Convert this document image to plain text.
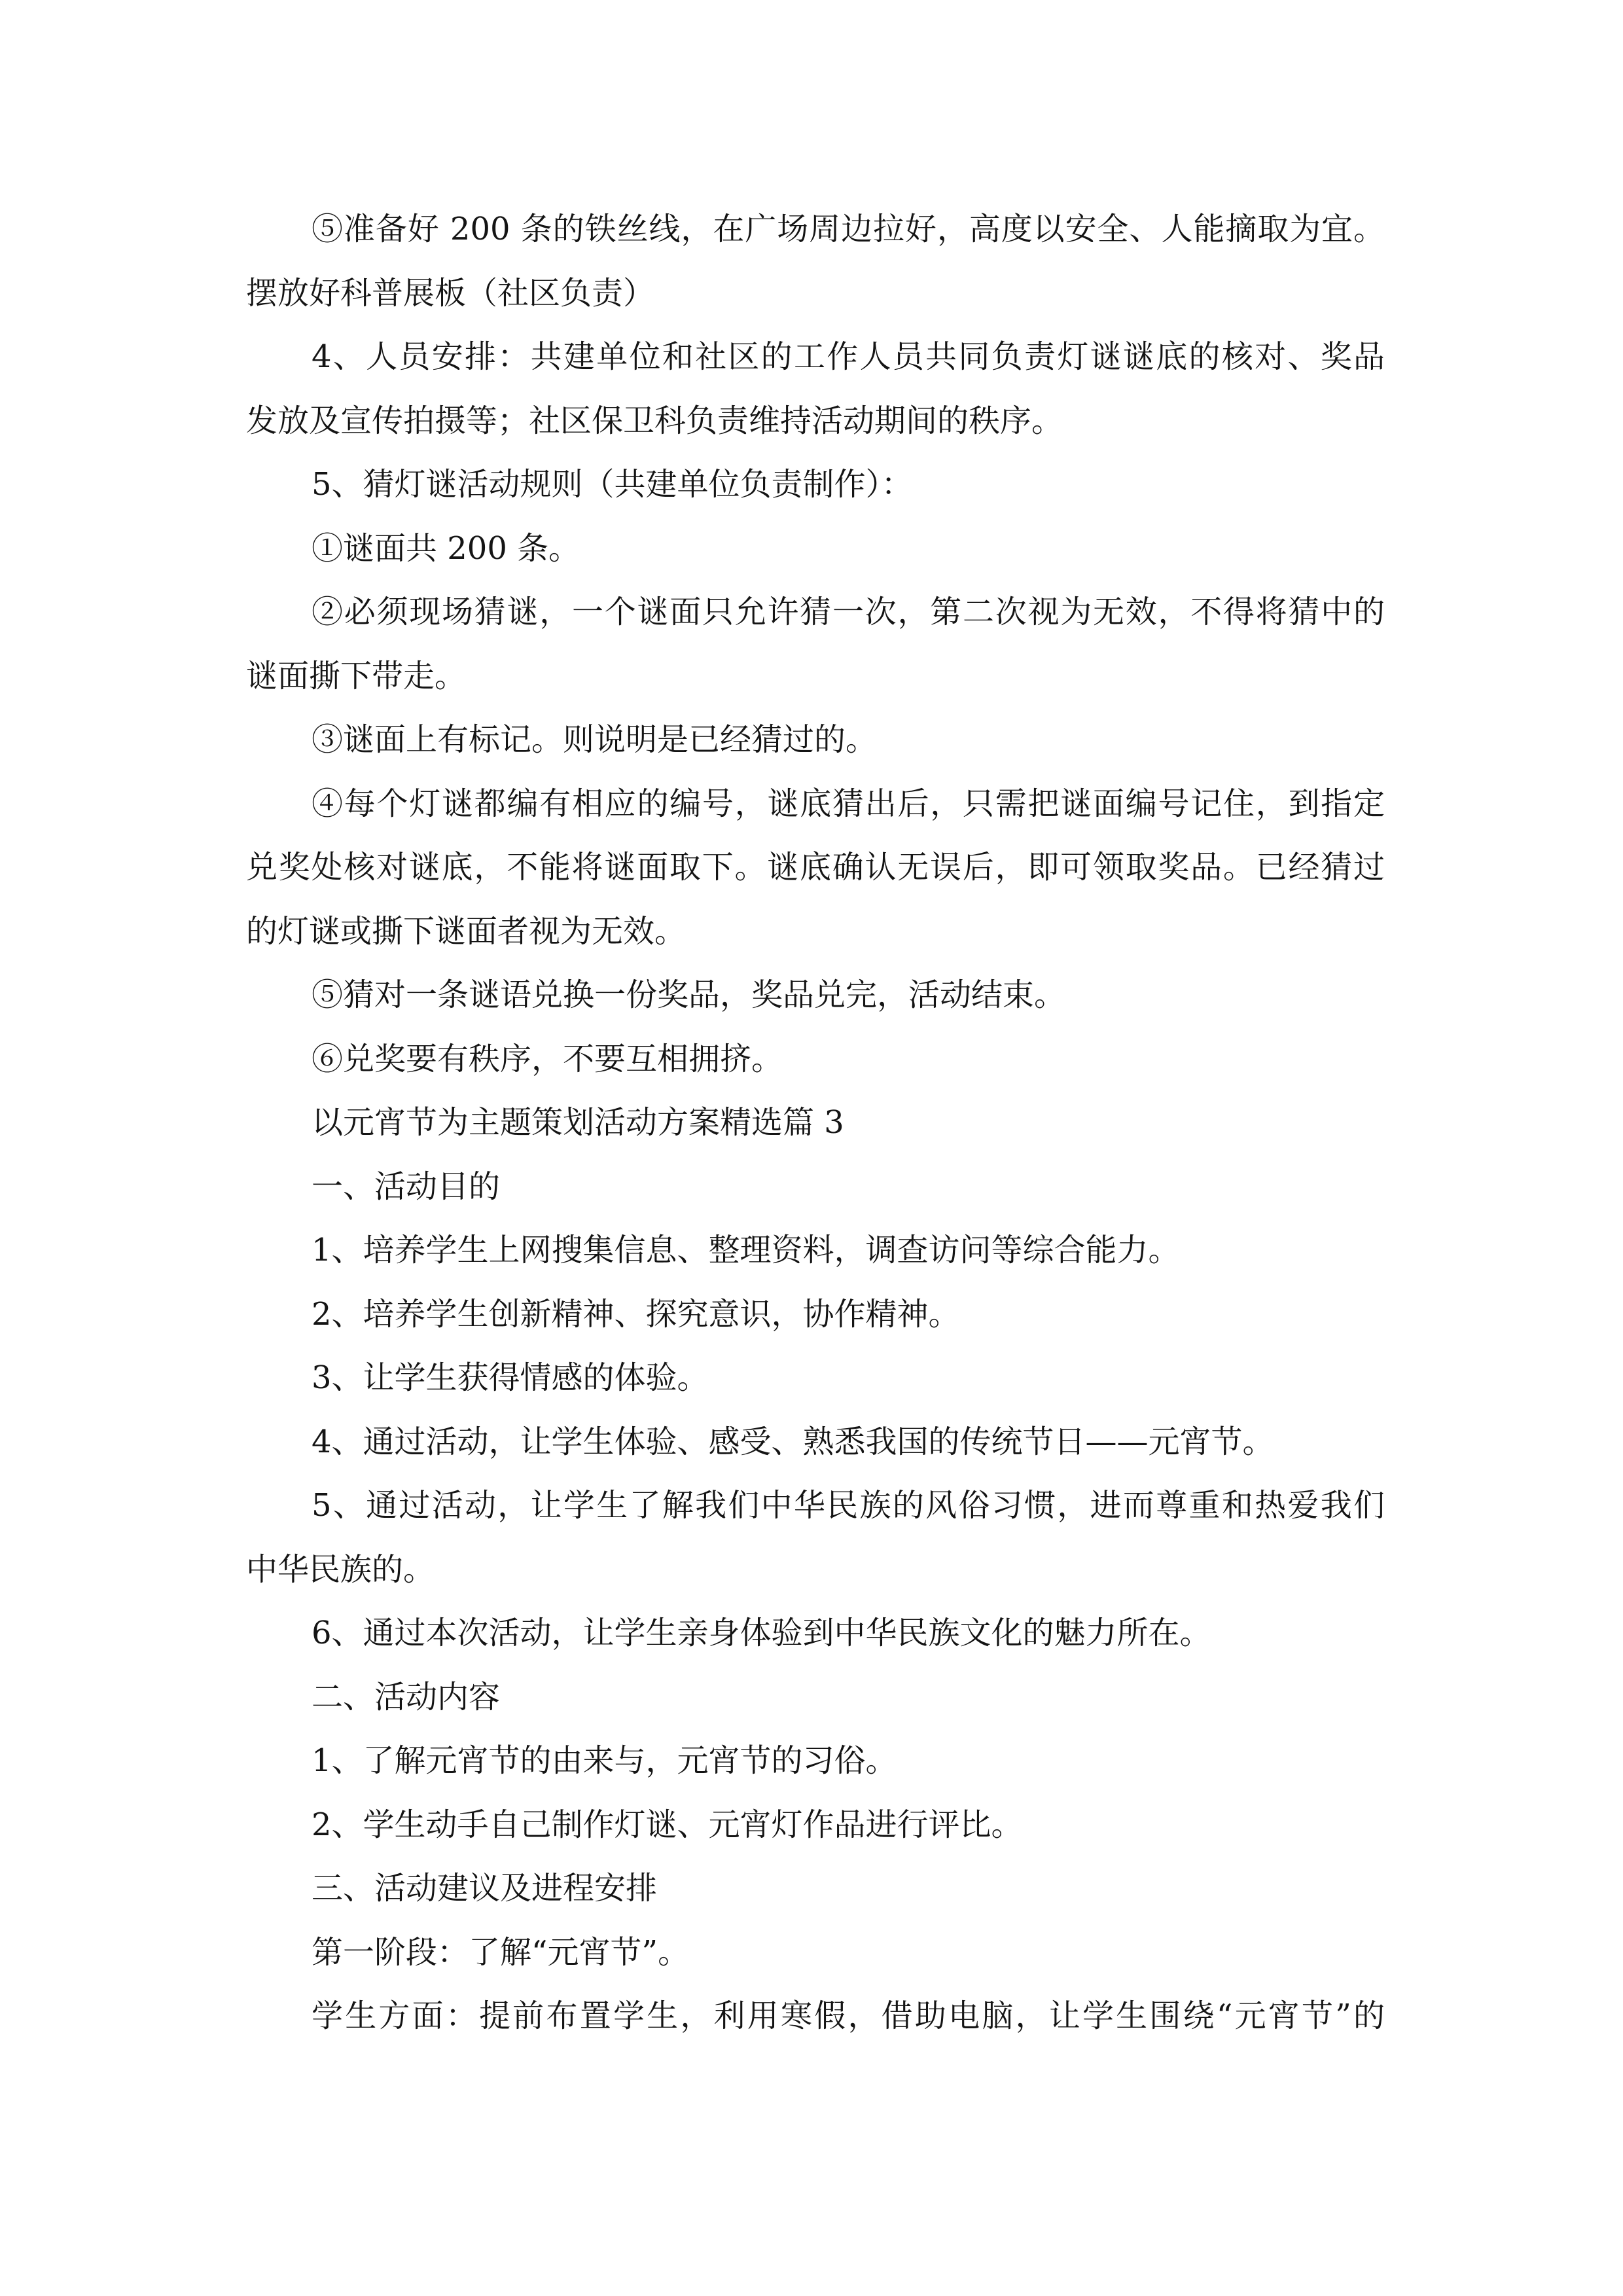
⑤准备好 200 条的铁丝线，在广场周边拉好，高度以安全、人能摘取为宜。
摆放好科普展板（社区负责）
4、人员安排：共建单位和社区的工作人员共同负责灯谜谜底的核对、奖品
发放及宣传拍摄等；社区保卫科负责维持活动期间的秩序。
5、猜灯谜活动规则（共建单位负责制作）：
①谜面共 200 条。
②必须现场猜谜，一个谜面只允许猜一次，第二次视为无效，不得将猜中的
谜面撕下带走。
③谜面上有标记。则说明是已经猜过的。
④每个灯谜都编有相应的编号，谜底猜出后，只需把谜面编号记住，到指定
兑奖处核对谜底，不能将谜面取下。谜底确认无误后，即可领取奖品。已经猜过
的灯谜或撕下谜面者视为无效。
⑤猜对一条谜语兑换一份奖品，奖品兑完，活动结束。
⑥兑奖要有秩序，不要互相拥挤。
以元宵节为主题策划活动方案精选篇 3
一、活动目的
1、培养学生上网搜集信息、整理资料，调查访问等综合能力。
2、培养学生创新精神、探究意识，协作精神。
3、让学生获得情感的体验。
4、通过活动，让学生体验、感受、熟悉我国的传统节日——元宵节。
5、通过活动，让学生了解我们中华民族的风俗习惯，进而尊重和热爱我们
中华民族的。
6、通过本次活动，让学生亲身体验到中华民族文化的魅力所在。
二、活动内容
1、了解元宵节的由来与，元宵节的习俗。
2、学生动手自己制作灯谜、元宵灯作品进行评比。
三、活动建议及进程安排
第一阶段：了解“元宵节”。
学生方面：提前布置学生，利用寒假，借助电脑，让学生围绕“元宵节”的
